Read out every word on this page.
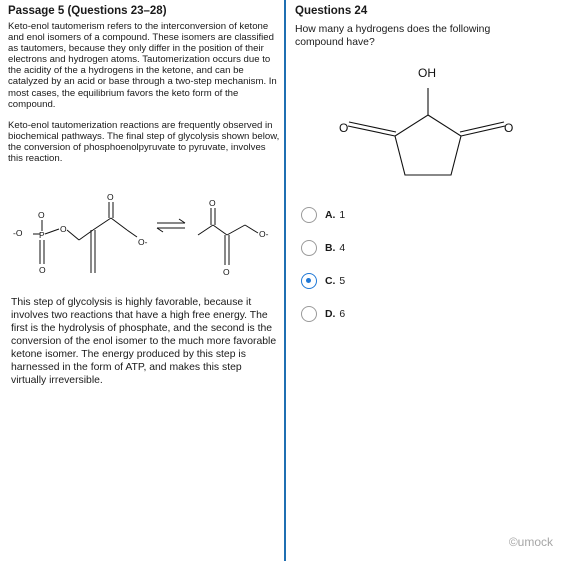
Passage 5 (Questions 23–28)

Keto-enol tautomerism refers to the interconversion of ketone and enol isomers of a compound. These isomers are classified as tautomers, because they only differ in the position of their electrons and hydrogen atoms. Tautomerization occurs due to the acidity of the a hydrogens in the ketone, and can be catalyzed by an acid or base through a two-step mechanism. In most cases, the equilibrium favors the keto form of the compound.

Keto-enol tautomerization reactions are frequently observed in biochemical pathways. The final step of glycolysis shown below, the conversion of phosphoenolpyruvate to pyruvate, involves this reaction.

O
-O P
O
O
O
O-
O
O-
O
This step of glycolysis is highly favorable, because it involves two reactions that have a high free energy. The first is the hydrolysis of phosphate, and the second is the conversion of the enol isomer to the much more favorable ketone isomer. The energy produced by this step is harnessed in the form of ATP, and makes this step virtually irreversible.
Questions 24
How many a hydrogens does the following compound have?
OH
O	O
A. 1
B. 4
C. 5
D. 6
©umock
